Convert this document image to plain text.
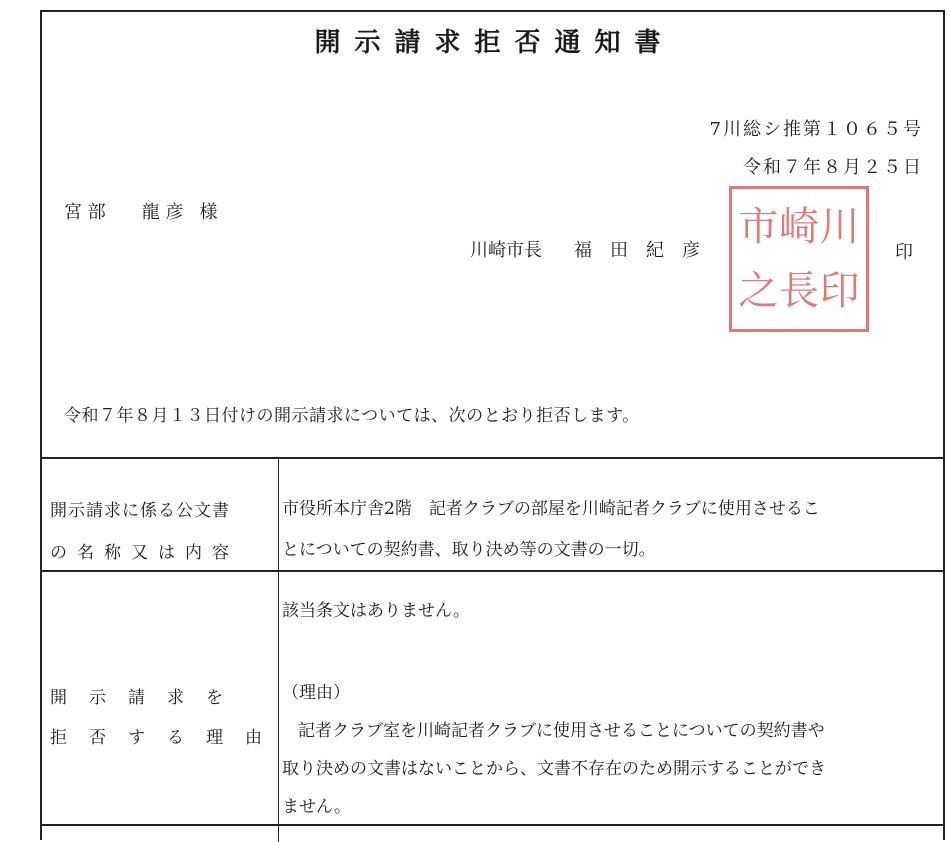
開示請求拒否通知書
7川総シ推第１０６５号
令和７年８月２５日
宮 部　　龍 彦 様	市 崎 川
之 長 印
川崎市長 福田紀彦	印
令和７年８月１３日付けの開示請求については、次のとおり拒否します。
開示請求に係る公文書
の名称又は内容
市役所本庁舎2階　記者クラブの部屋を川崎記者クラブに使用させるこ
とについての契約書、取り決め等の文書の一切。
開示請求を
拒否する理由
該当条文はありません。
（理由）
記者クラブ室を川崎記者クラブに使用させることについての契約書や
取り決めの文書はないことから、文書不存在のため開示することができ
ません。
